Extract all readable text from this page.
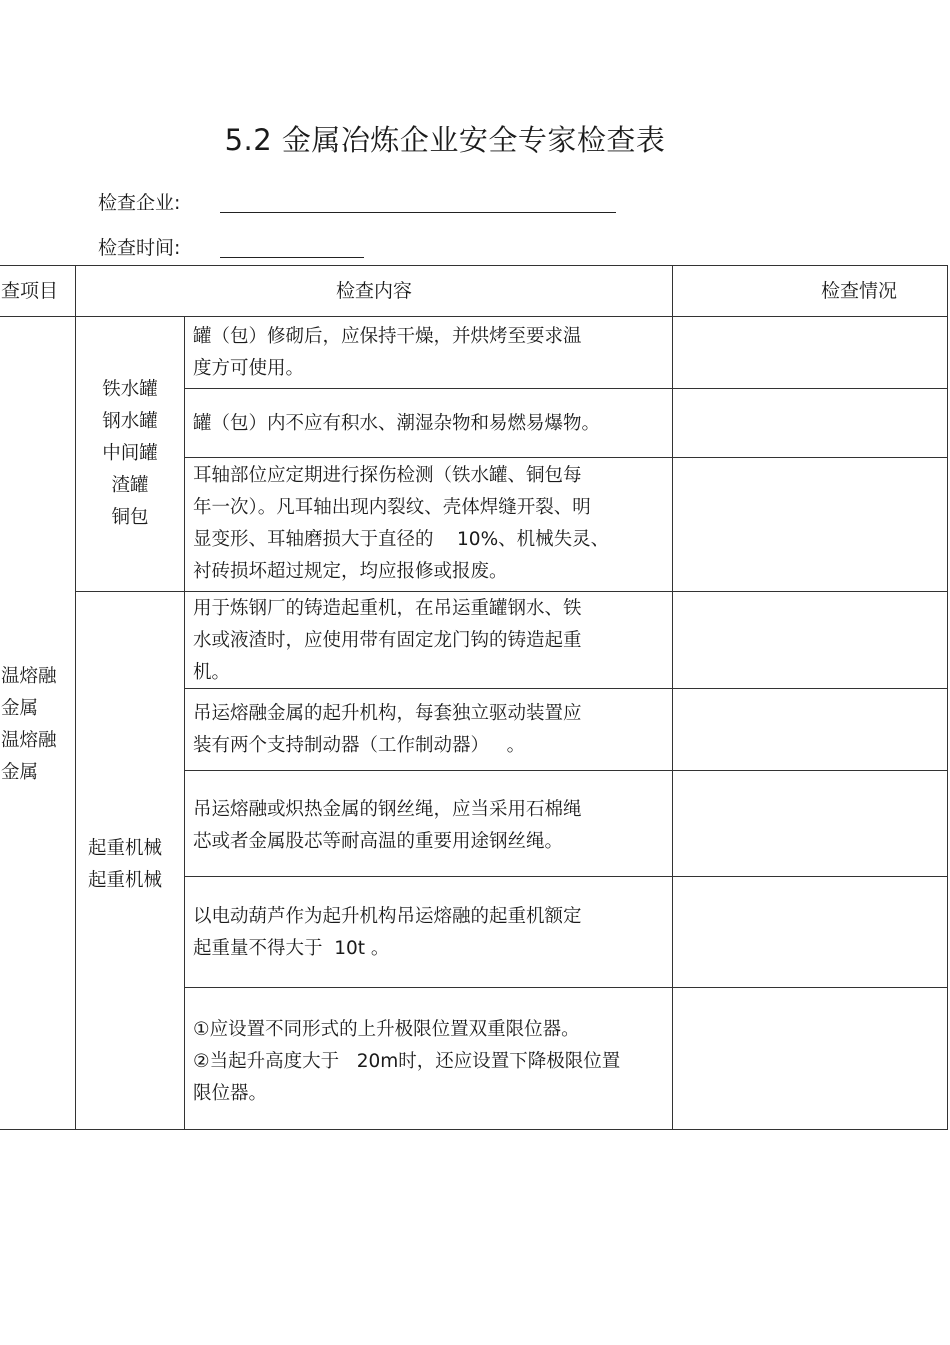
5.2 金属冶炼企业安全专家检查表
检查企业:
检查时间:
查项目	检查内容	检查情况
温熔融
金属
温熔融
金属
铁水罐
钢水罐
中间罐
渣罐
铜包
起重机械
起重机械
罐（包）修砌后，应保持干燥，并烘烤至要求温
度方可使用。
罐（包）内不应有积水、潮湿杂物和易燃易爆物。
耳轴部位应定期进行探伤检测（铁水罐、铜包每
年一次）。凡耳轴出现内裂纹、壳体焊缝开裂、明
显变形、耳轴磨损大于直径的    10%、机械失灵、
衬砖损坏超过规定，均应报修或报废。
用于炼钢厂的铸造起重机，在吊运重罐钢水、铁
水或液渣时，应使用带有固定龙门钩的铸造起重
机。
吊运熔融金属的起升机构，每套独立驱动装置应
装有两个支持制动器（工作制动器）   。
吊运熔融或炽热金属的钢丝绳，应当采用石棉绳
芯或者金属股芯等耐高温的重要用途钢丝绳。
以电动葫芦作为起升机构吊运熔融的起重机额定
起重量不得大于  10t 。
①应设置不同形式的上升极限位置双重限位器。
②当起升高度大于   20m时，还应设置下降极限位置
限位器。
